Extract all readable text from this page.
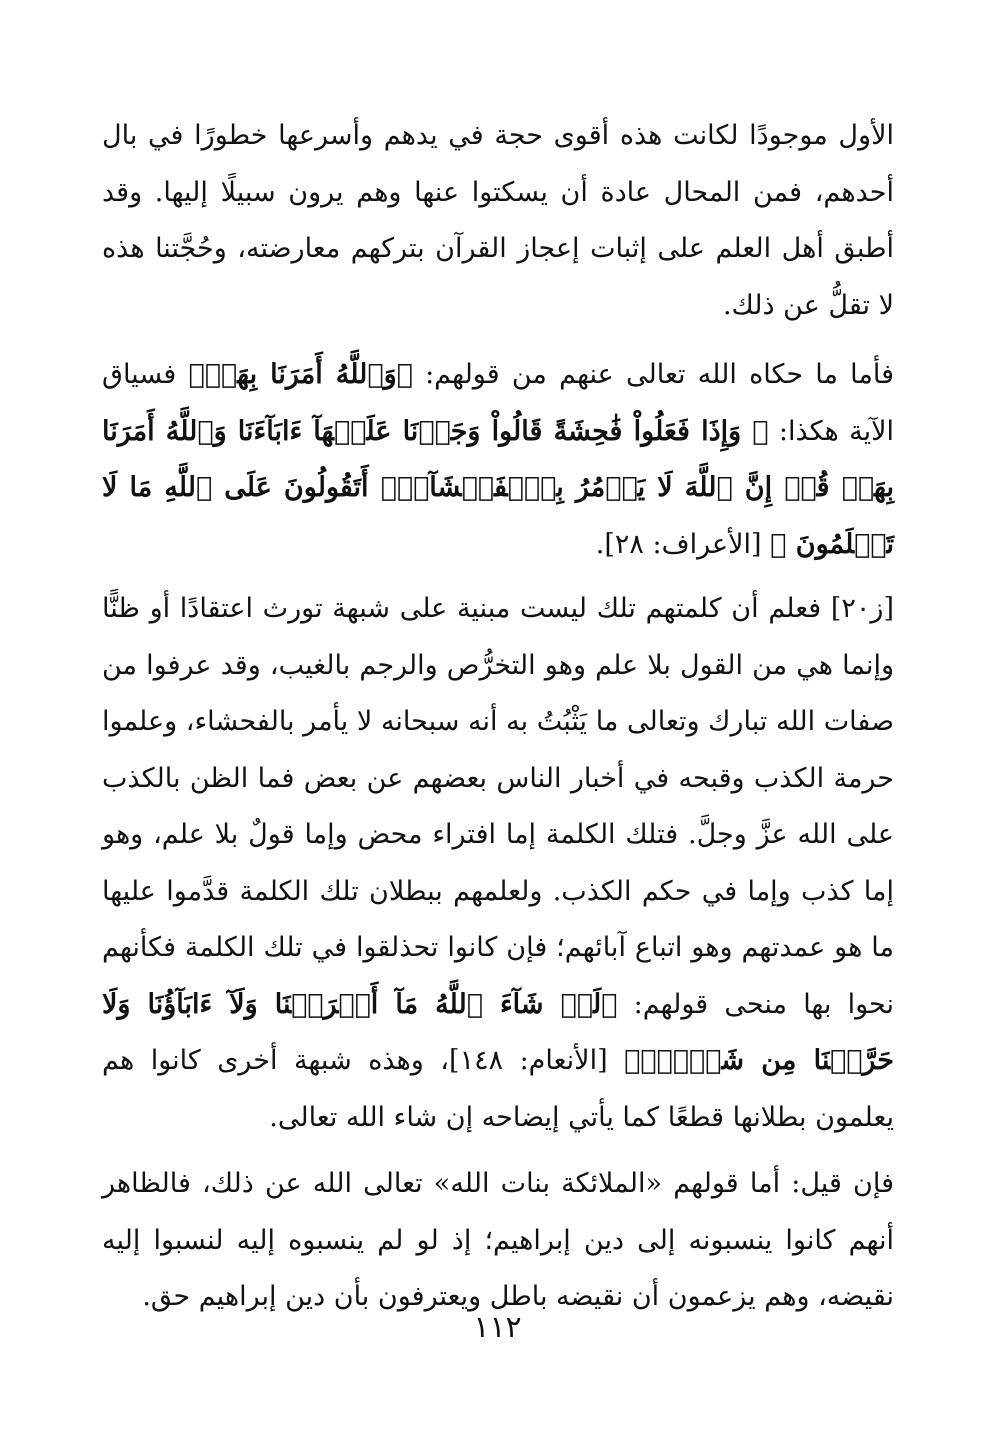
الأول موجودًا لكانت هذه أقوى حجة في يدهم وأسرعها خطورًا في بال أحدهم، فمن المحال عادة أن يسكتوا عنها وهم يرون سبيلًا إليها. وقد أطبق أهل العلم على إثبات إعجاز القرآن بتركهم معارضته، وحُجَّتنا هذه لا تقلُّ عن ذلك.

فأما ما حكاه الله تعالى عنهم من قولهم: ﴿وَٱللَّهُ أَمَرَنَا بِهَاۗ﴾ فسياق الآية هكذا: ﴿ وَإِذَا فَعَلُواْ فَٰحِشَةً قَالُواْ وَجَدۡنَا عَلَيۡهَآ ءَابَآءَنَا وَٱللَّهُ أَمَرَنَا بِهَاۗ قُلۡ إِنَّ ٱللَّهَ لَا يَأۡمُرُ بِٱلۡفَحۡشَآءِۖ أَتَقُولُونَ عَلَى ٱللَّهِ مَا لَا تَعۡلَمُونَ ﴾ [الأعراف: ٢٨].

[ز٢٠] فعلم أن كلمتهم تلك ليست مبنية على شبهة تورث اعتقادًا أو ظنًّا وإنما هي من القول بلا علم وهو التخرُّص والرجم بالغيب، وقد عرفوا من صفات الله تبارك وتعالى ما يَثْبُتُ به أنه سبحانه لا يأمر بالفحشاء، وعلموا حرمة الكذب وقبحه في أخبار الناس بعضهم عن بعض فما الظن بالكذب على الله عزَّ وجلَّ. فتلك الكلمة إما افتراء محض وإما قولٌ بلا علم، وهو إما كذب وإما في حكم الكذب. ولعلمهم ببطلان تلك الكلمة قدَّموا عليها ما هو عمدتهم وهو اتباع آبائهم؛ فإن كانوا تحذلقوا في تلك الكلمة فكأنهم نحوا بها منحى قولهم: ﴿لَوۡ شَآءَ ٱللَّهُ مَآ أَشۡرَكۡنَا وَلَآ ءَابَآؤُنَا وَلَا حَرَّمۡنَا مِن شَيۡءٖۚ﴾ [الأنعام: ١٤٨]، وهذه شبهة أخرى كانوا هم يعلمون بطلانها قطعًا كما يأتي إيضاحه إن شاء الله تعالى.

فإن قيل: أما قولهم «الملائكة بنات الله» تعالى الله عن ذلك، فالظاهر أنهم كانوا ينسبونه إلى دين إبراهيم؛ إذ لو لم ينسبوه إليه لنسبوا إليه نقيضه، وهم يزعمون أن نقيضه باطل ويعترفون بأن دين إبراهيم حق.

١١٢
